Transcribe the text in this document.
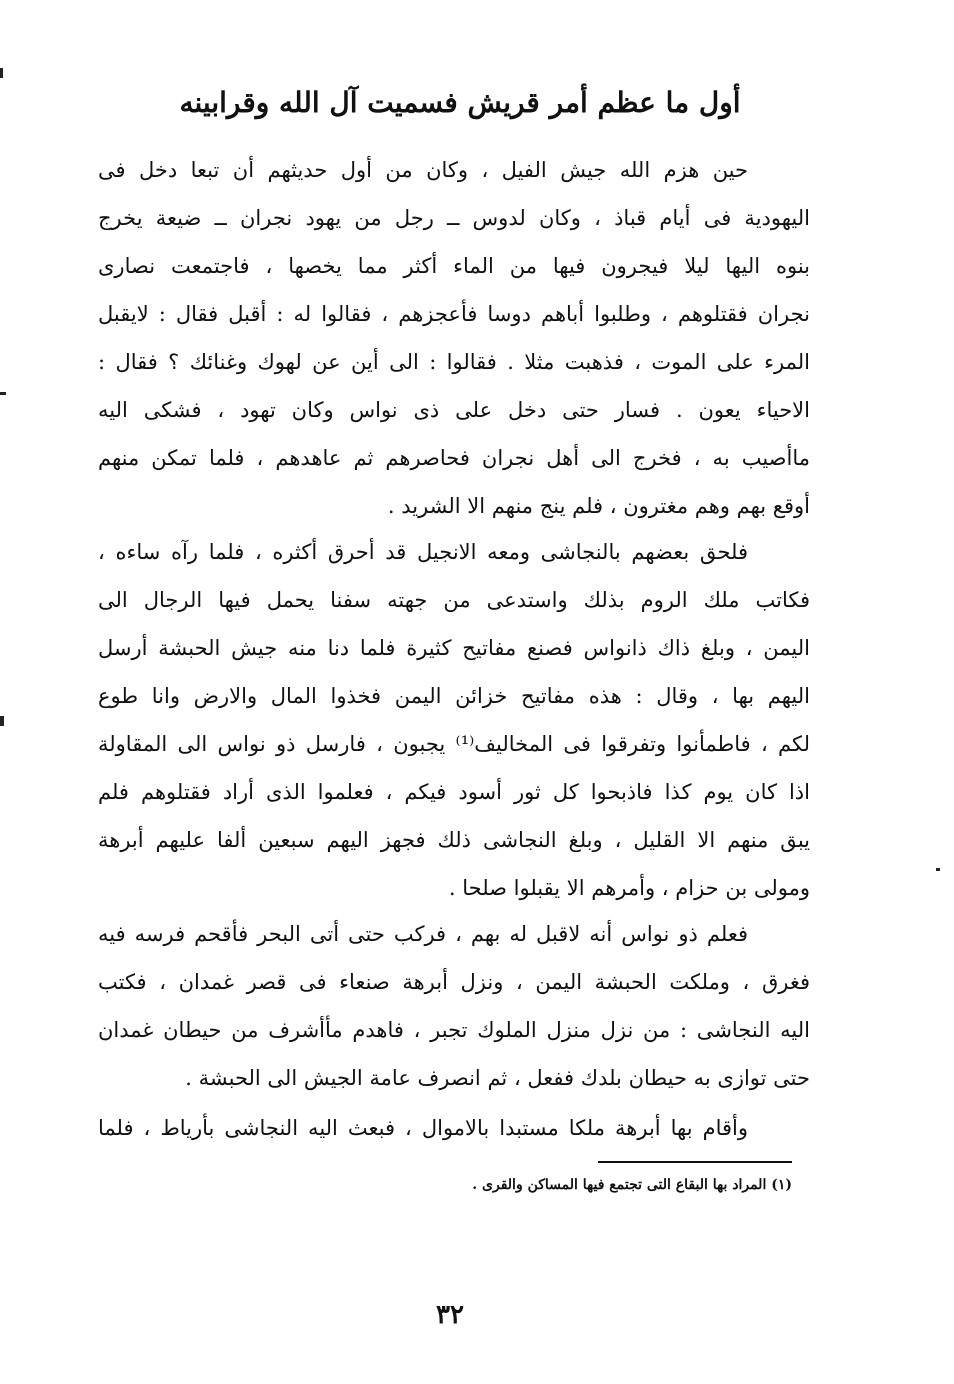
أول ما عظم أمر قريش فسميت آل الله وقرابينه
حين هزم الله جيش الفيل ، وكان من أول حديثهم أن تبعا دخل فى
اليهودية فى أيام قباذ ، وكان لدوس ــ رجل من يهود نجران ــ ضيعة يخرج
بنوه اليها ليلا فيجرون فيها من الماء أكثر مما يخصها ، فاجتمعت نصارى
نجران فقتلوهم ، وطلبوا أباهم دوسا فأعجزهم ، فقالوا له : أقبل فقال : لايقبل
المرء على الموت ، فذهبت مثلا . فقالوا : الى أين عن لهوك وغنائك ؟ فقال :
الاحياء يعون . فسار حتى دخل على ذى نواس وكان تهود ، فشكى اليه
ماأصيب به ، فخرج الى أهل نجران فحاصرهم ثم عاهدهم ، فلما تمكن منهم
أوقع بهم وهم مغترون ، فلم ينج منهم الا الشريد .
فلحق بعضهم بالنجاشى ومعه الانجيل قد أحرق أكثره ، فلما رآه ساءه ،
فكاتب ملك الروم بذلك واستدعى من جهته سفنا يحمل فيها الرجال الى
اليمن ، وبلغ ذاك ذانواس فصنع مفاتيح كثيرة فلما دنا منه جيش الحبشة أرسل
اليهم بها ، وقال : هذه مفاتيح خزائن اليمن فخذوا المال والارض وانا طوع
لكم ، فاطمأنوا وتفرقوا فى المخاليف⁽¹⁾ يجبون ، فارسل ذو نواس الى المقاولة
اذا كان يوم كذا فاذبحوا كل ثور أسود فيكم ، فعلموا الذى أراد فقتلوهم فلم
يبق منهم الا القليل ، وبلغ النجاشى ذلك فجهز اليهم سبعين ألفا عليهم أبرهة
ومولى بن حزام ، وأمرهم الا يقبلوا صلحا .
فعلم ذو نواس أنه لاقبل له بهم ، فركب حتى أتى البحر فأقحم فرسه فيه
فغرق ، وملكت الحبشة اليمن ، ونزل أبرهة صنعاء فى قصر غمدان ، فكتب
اليه النجاشى : من نزل منزل الملوك تجبر ، فاهدم مأأشرف من حيطان غمدان
حتى توازى به حيطان بلدك ففعل ، ثم انصرف عامة الجيش الى الحبشة .
وأقام بها أبرهة ملكا مستبدا بالاموال ، فبعث اليه النجاشى بأرياط ، فلما
(١) المراد بها البقاع التى تجتمع فيها المساكن والقرى .
٣٢
